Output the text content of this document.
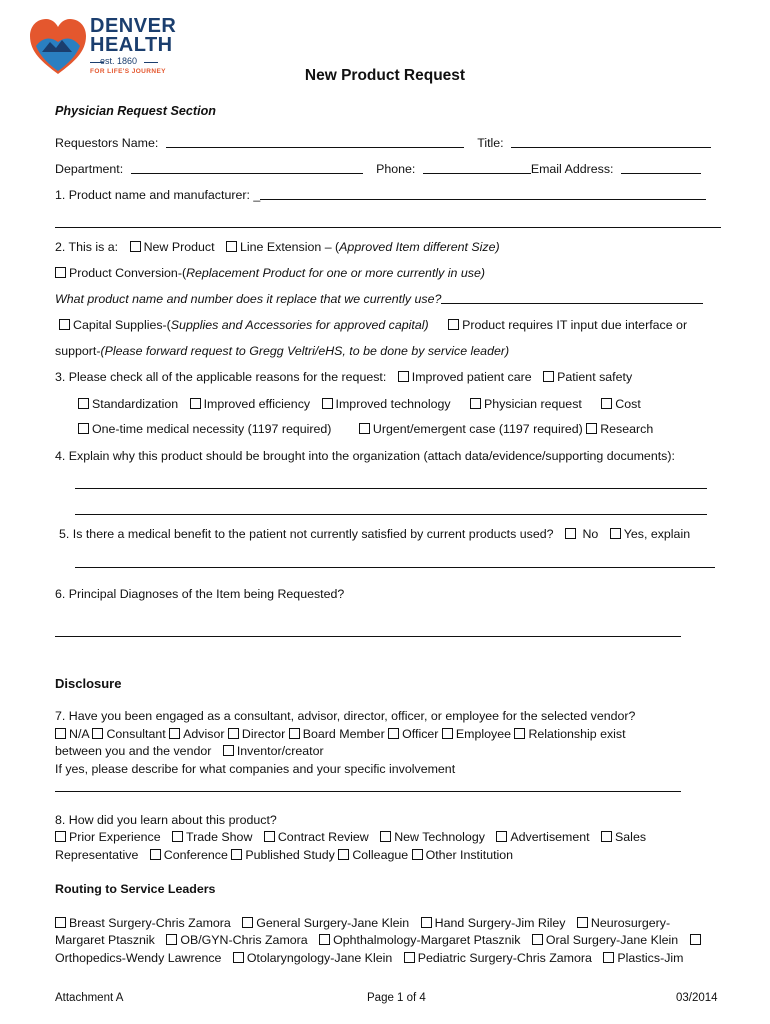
DENVER
HEALTH
est. 1860
FOR LIFE'S JOURNEY	New Product Request
Physician Request Section
Requestors Name:	Title:
Department:	Phone:	Email Address:
1. Product name and manufacturer: _
2. This is a: New Product Line Extension – (Approved Item different Size)
Product Conversion-(Replacement Product for one or more currently in use)
What product name and number does it replace that we currently use?
Capital Supplies-(Supplies and Accessories for approved capital)	Product requires IT input due interface or
support-(Please forward request to Gregg Veltri/eHS, to be done by service leader)
3. Please check all of the applicable reasons for the request: Improved patient care Patient safety
Standardization Improved efficiency Improved technology	Physician request	Cost
One-time medical necessity (1197 required)	Urgent/emergent case (1197 required) Research
4. Explain why this product should be brought into the organization (attach data/evidence/supporting documents):
5. Is there a medical benefit to the patient not currently satisfied by current products used? No Yes, explain
6. Principal Diagnoses of the Item being Requested?
Disclosure
7. Have you been engaged as a consultant, advisor, director, officer, or employee for the selected vendor?
N/A Consultant Advisor Director Board Member Officer Employee Relationship exist
between you and the vendor Inventor/creator
If yes, please describe for what companies and your specific involvement
8. How did you learn about this product?
Prior Experience Trade Show Contract Review New Technology Advertisement Sales
Representative Conference Published Study Colleague Other Institution
Routing to Service Leaders
Breast Surgery-Chris Zamora General Surgery-Jane Klein Hand Surgery-Jim Riley Neurosurgery-
Margaret Ptasznik OB/GYN-Chris Zamora Ophthalmology-Margaret Ptasznik Oral Surgery-Jane Klein
Orthopedics-Wendy Lawrence Otolaryngology-Jane Klein Pediatric Surgery-Chris Zamora Plastics-Jim
Attachment A	Page 1 of 4	03/2014
